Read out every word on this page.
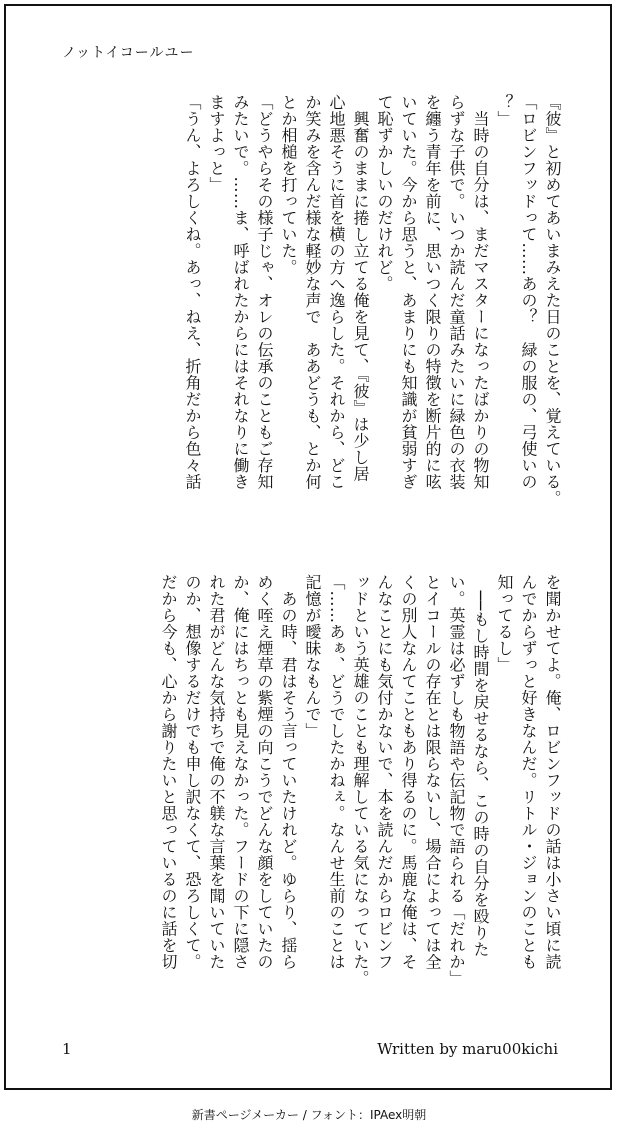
ノットイコールユー
『彼』と初めてあいまみえた日のことを、覚えている。
「ロビンフッドって……あの？　緑の服の、弓使いの
？」
　当時の自分は、まだマスターになったばかりの物知
らずな子供で。いつか読んだ童話みたいに緑色の衣装
を纏う青年を前に、思いつく限りの特徴を断片的に呟
いていた。今から思うと、あまりにも知識が貧弱すぎ
て恥ずかしいのだけれど。
　興奮のままに捲し立てる俺を見て、『彼』は少し居
心地悪そうに首を横の方へ逸らした。それから、どこ
か笑みを含んだ様な軽妙な声で　ああどうも、とか何
とか相槌を打っていた。
「どうやらその様子じゃ、オレの伝承のこともご存知
みたいで。……ま、呼ばれたからにはそれなりに働き
ますよっと」
「うん、よろしくね。あっ、ねえ、折角だから色々話
を聞かせてよ。俺、ロビンフッドの話は小さい頃に読
んでからずっと好きなんだ。リトル・ジョンのことも
知ってるし」
　──もし時間を戻せるなら、この時の自分を殴りた
い。英霊は必ずしも物語や伝記物で語られる「だれか」
とイコールの存在とは限らないし、場合によっては全
くの別人なんてこともあり得るのに。馬鹿な俺は、そ
んなことにも気付かないで、本を読んだからロビンフ
ッドという英雄のことも理解している気になっていた。
「……あぁ、どうでしたかねぇ。なんせ生前のことは
記憶が曖昧なもんで」
　あの時、君はそう言っていたけれど。ゆらり、揺ら
めく咥え煙草の紫煙の向こうでどんな顔をしていたの
か、俺にはちっとも見えなかった。フードの下に隠さ
れた君がどんな気持ちで俺の不躾な言葉を聞いていた
のか、想像するだけでも申し訳なくて、恐ろしくて。
だから今も、心から謝りたいと思っているのに話を切
1	Written by maru00kichi
新書ページメーカー / フォント：IPAex明朝
